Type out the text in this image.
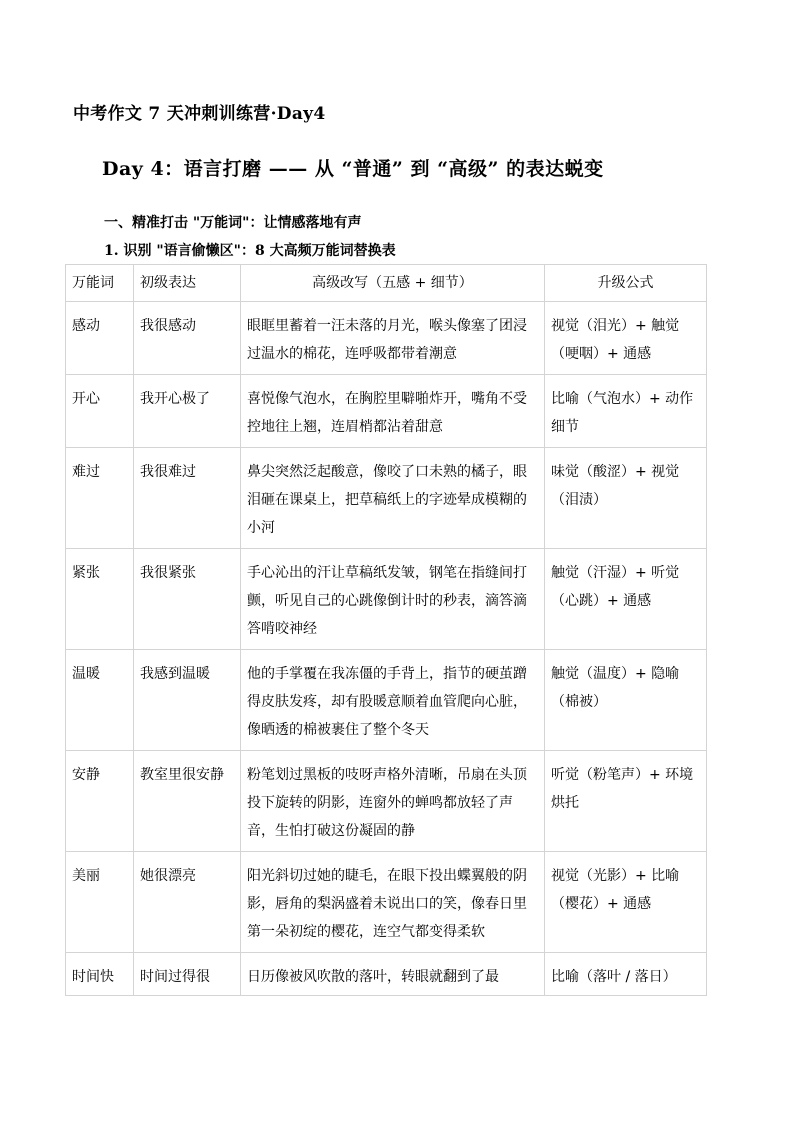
中考作文 7 天冲刺训练营·Day4
Day 4：语言打磨 —— 从 “普通” 到 “高级” 的表达蜕变
一、精准打击 "万能词"：让情感落地有声
1. 识别 "语言偷懒区"：8 大高频万能词替换表
万能词	初级表达	高级改写（五感 + 细节）	升级公式
感动	我很感动	眼眶里蓄着一汪未落的月光，喉头像塞了团浸过温水的棉花，连呼吸都带着潮意	视觉（泪光）+ 触觉（哽咽）+ 通感
开心	我开心极了	喜悦像气泡水，在胸腔里噼啪炸开，嘴角不受控地往上翘，连眉梢都沾着甜意	比喻（气泡水）+ 动作细节
难过	我很难过	鼻尖突然泛起酸意，像咬了口未熟的橘子，眼泪砸在课桌上，把草稿纸上的字迹晕成模糊的小河	味觉（酸涩）+ 视觉（泪渍）
紧张	我很紧张	手心沁出的汗让草稿纸发皱，钢笔在指缝间打颤，听见自己的心跳像倒计时的秒表，滴答滴答啃咬神经	触觉（汗湿）+ 听觉（心跳）+ 通感
温暖	我感到温暖	他的手掌覆在我冻僵的手背上，指节的硬茧蹭得皮肤发疼，却有股暖意顺着血管爬向心脏，像晒透的棉被裹住了整个冬天	触觉（温度）+ 隐喻（棉被）
安静	教室里很安静	粉笔划过黑板的吱呀声格外清晰，吊扇在头顶投下旋转的阴影，连窗外的蝉鸣都放轻了声音，生怕打破这份凝固的静	听觉（粉笔声）+ 环境烘托
美丽	她很漂亮	阳光斜切过她的睫毛，在眼下投出蝶翼般的阴影，唇角的梨涡盛着未说出口的笑，像春日里第一朵初绽的樱花，连空气都变得柔软	视觉（光影）+ 比喻（樱花）+ 通感

时间快	时间过得很	日历像被风吹散的落叶，转眼就翻到了最	比喻（落叶 / 落日）
